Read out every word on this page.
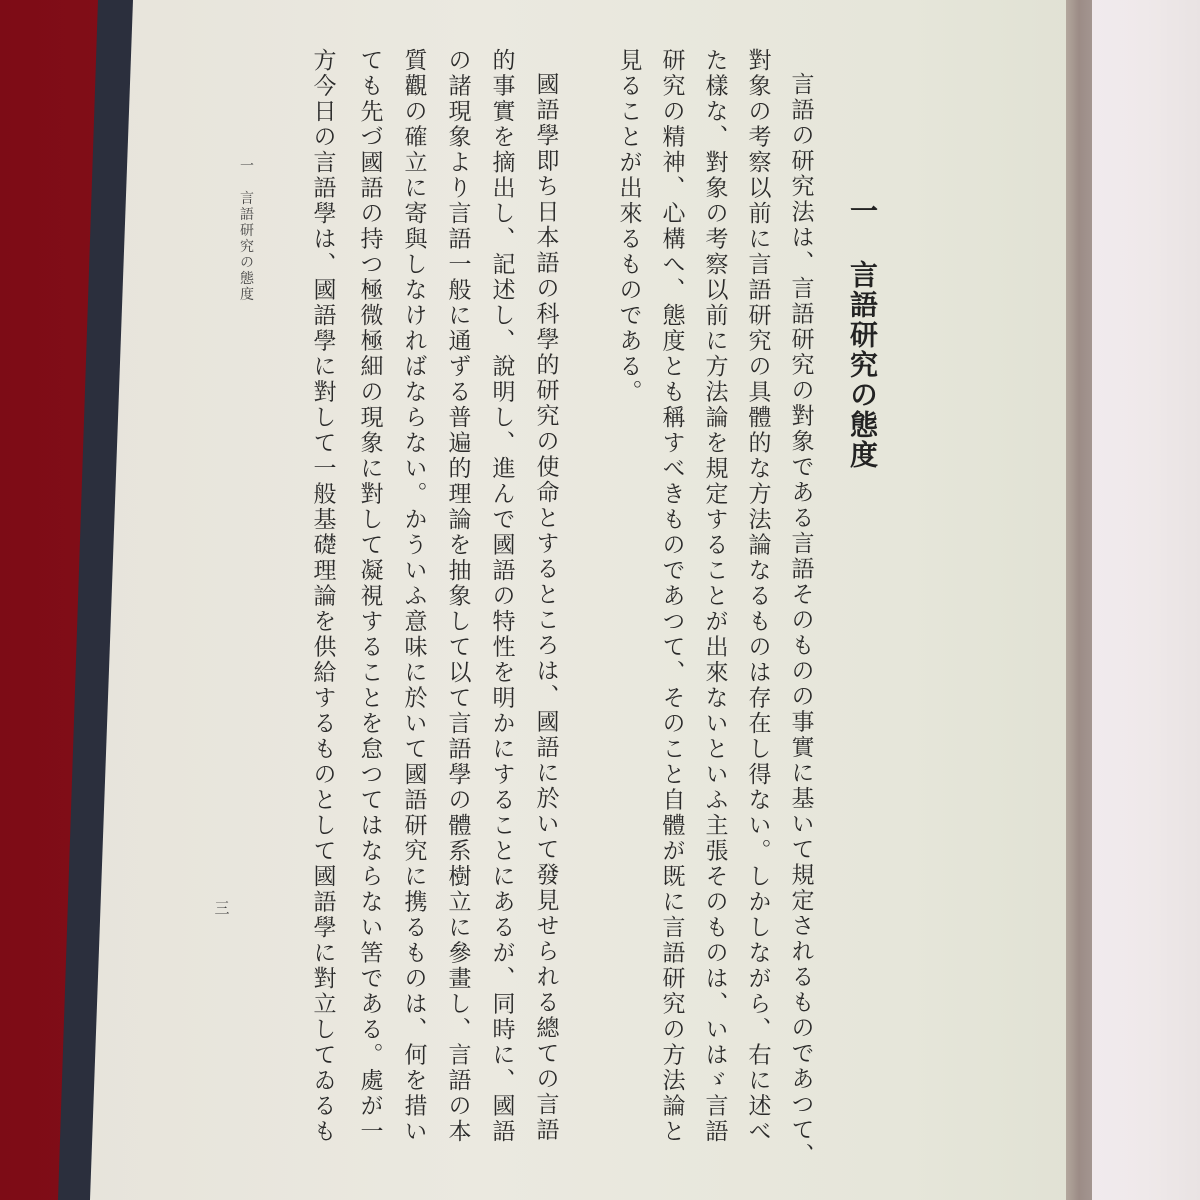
一 言語研究の態度
言語の研究法は、言語研究の對象である言語そのものの事實に基いて規定されるものであつて、
對象の考察以前に言語研究の具體的な方法論なるものは存在し得ない。しかしながら、右に述べ
た樣な、對象の考察以前に方法論を規定することが出來ないといふ主張そのものは、いはゞ言語
研究の精神、心構へ、態度とも稱すべきものであつて、そのこと自體が既に言語研究の方法論と
見ることが出來るものである。
國語學即ち日本語の科學的研究の使命とするところは、國語に於いて發見せられる總ての言語
的事實を摘出し、記述し、說明し、進んで國語の特性を明かにすることにあるが、同時に、國語
の諸現象より言語一般に通ずる普遍的理論を抽象して以て言語學の體系樹立に參畫し、言語の本
質觀の確立に寄與しなければならない。かういふ意味に於いて國語研究に携るものは、何を措い
ても先づ國語の持つ極微極細の現象に對して凝視することを怠つてはならない筈である。處が一
方今日の言語學は、國語學に對して一般基礎理論を供給するものとして國語學に對立してゐるも
一 言語研究の態度
三
